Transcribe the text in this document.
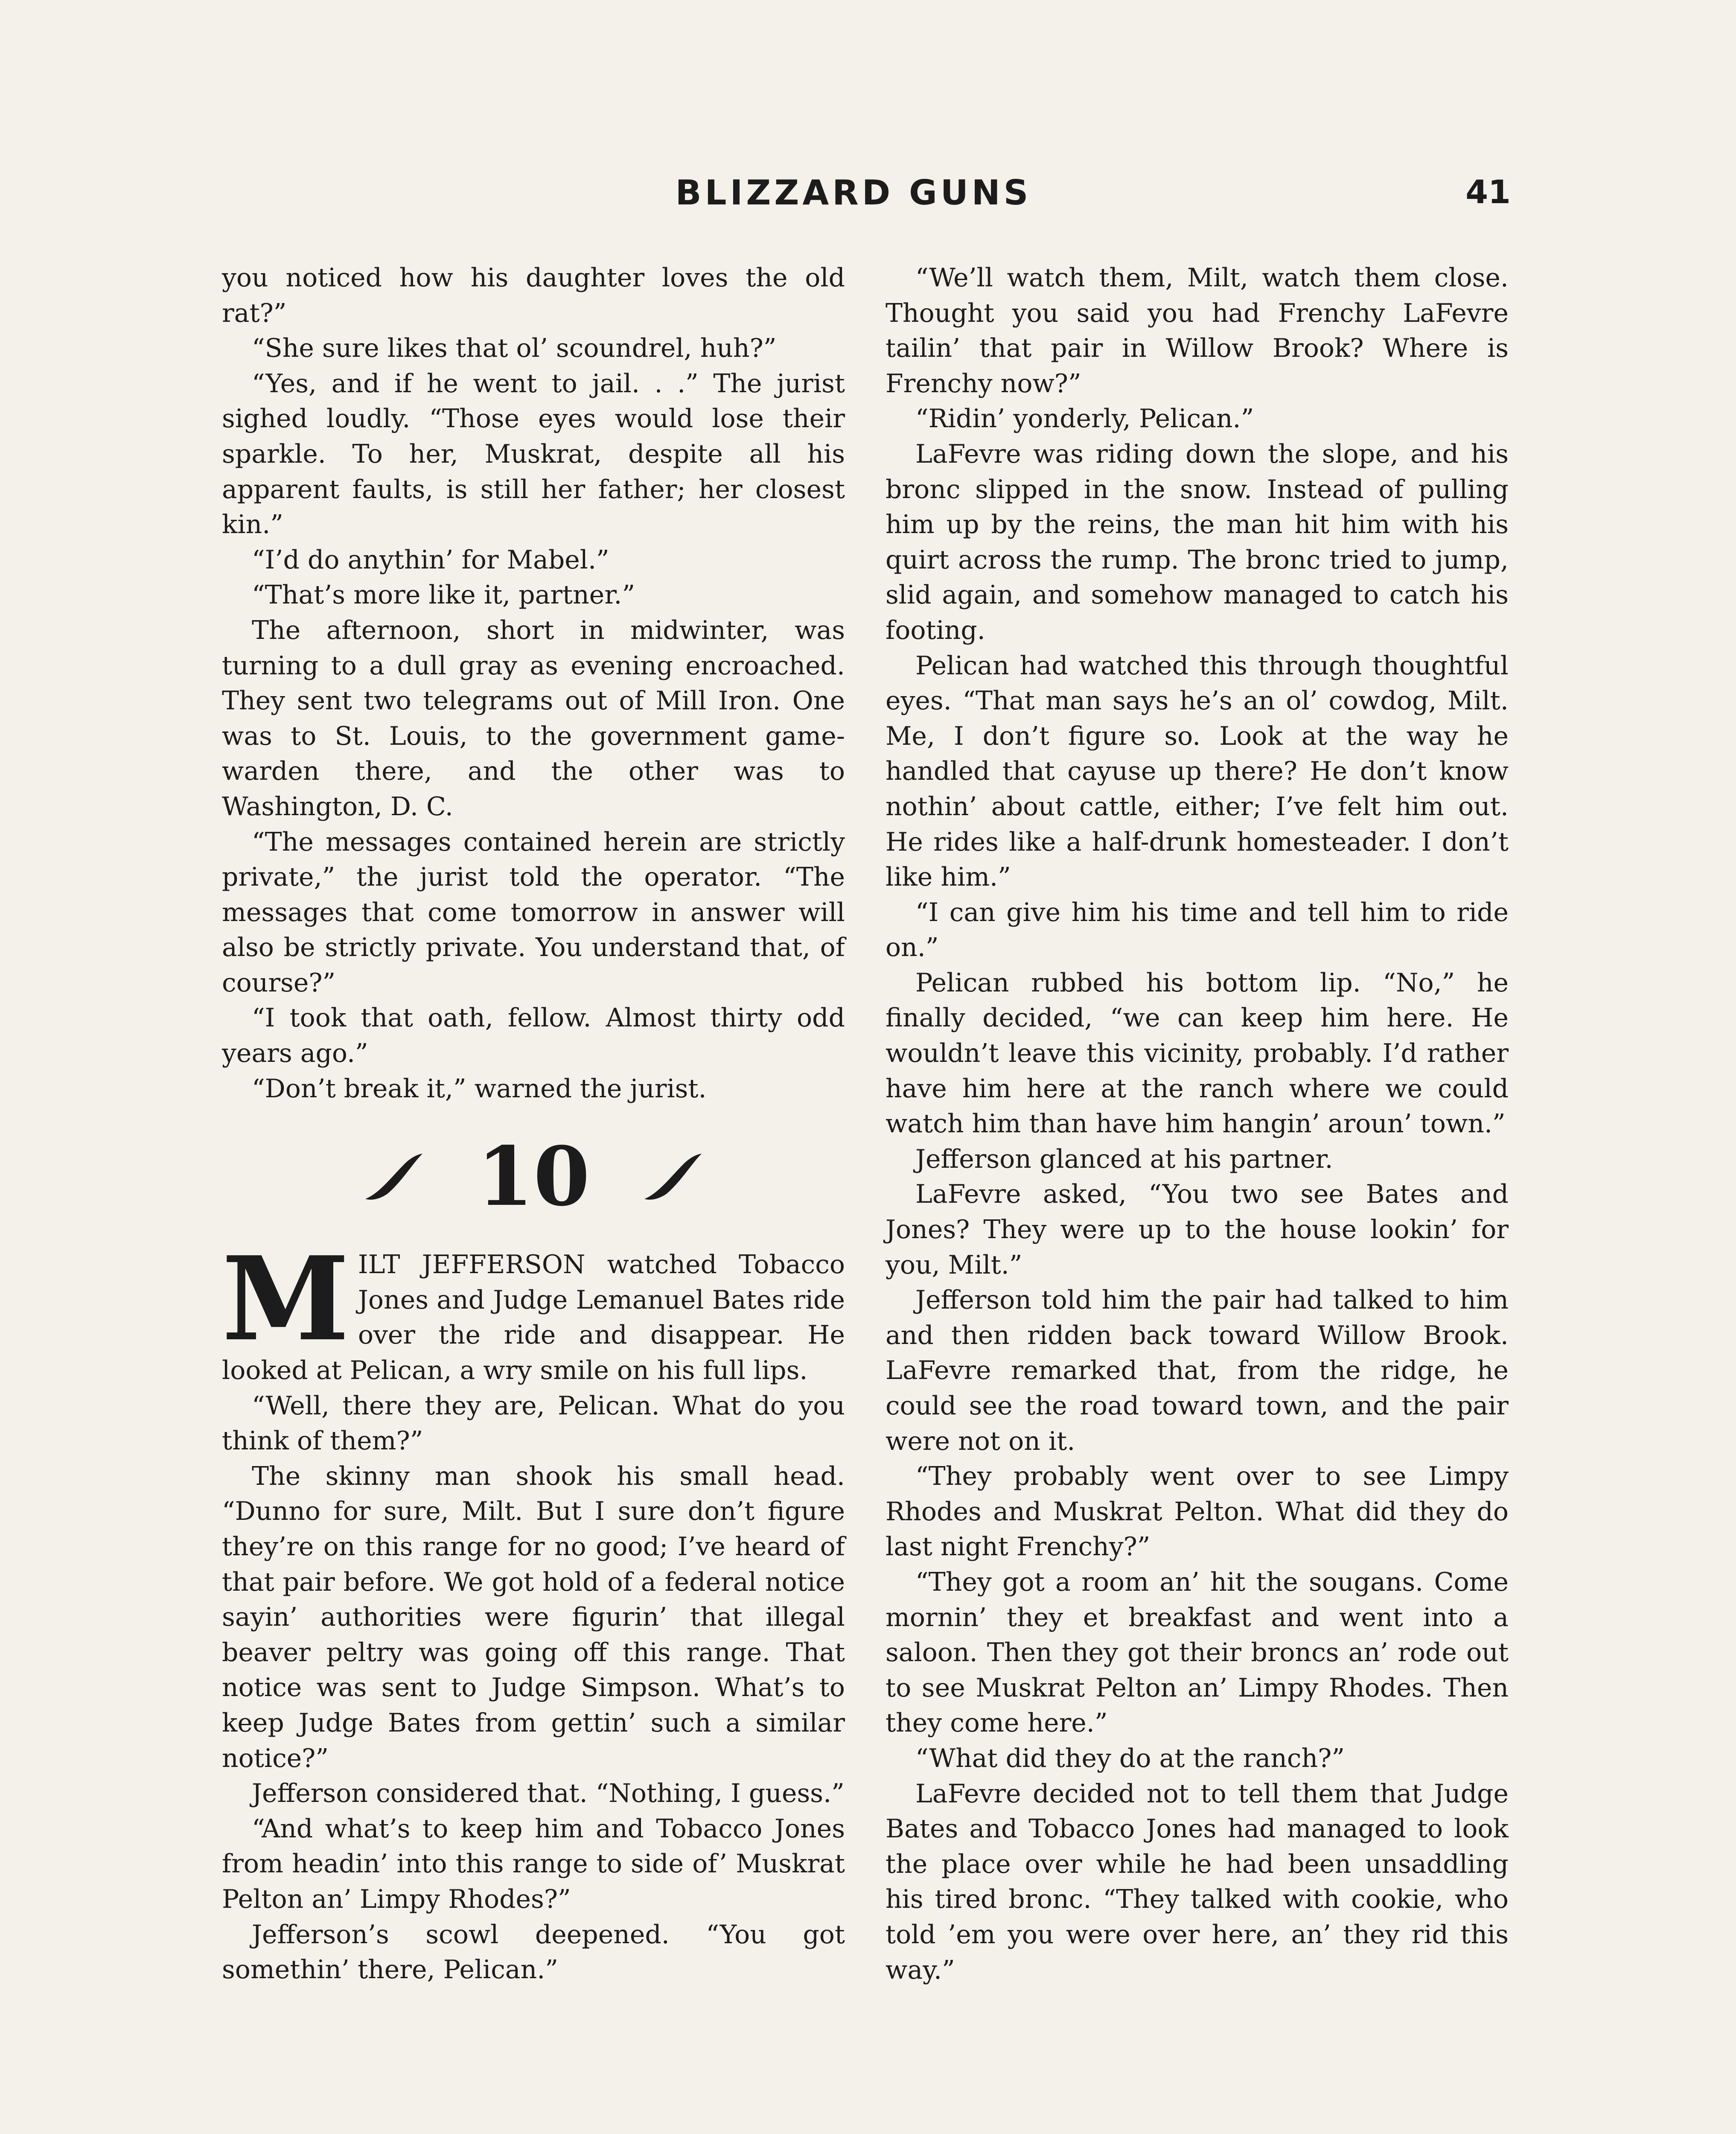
BLIZZARD GUNS	41

you noticed how his daughter loves the old rat?”

“She sure likes that ol’ scoundrel, huh?”

“Yes, and if he went to jail. . .” The jurist sighed loudly. “Those eyes would lose their sparkle. To her, Muskrat, despite all his apparent faults, is still her father; her closest kin.”

“I’d do anythin’ for Mabel.”

“That’s more like it, partner.”

The afternoon, short in midwinter, was turning to a dull gray as evening encroached. They sent two telegrams out of Mill Iron. One was to St. Louis, to the government game-warden there, and the other was to Washington, D. C.

“The messages contained herein are strictly private,” the jurist told the operator. “The messages that come tomorrow in answer will also be strictly private. You understand that, of course?”

“I took that oath, fellow. Almost thirty odd years ago.”

“Don’t break it,” warned the jurist.

10

MILT JEFFERSON watched Tobacco Jones and Judge Lemanuel Bates ride over the ride and disappear. He looked at Pelican, a wry smile on his full lips.

“Well, there they are, Pelican. What do you think of them?”

The skinny man shook his small head. “Dunno for sure, Milt. But I sure don’t figure they’re on this range for no good; I’ve heard of that pair before. We got hold of a federal notice sayin’ authorities were figurin’ that illegal beaver peltry was going off this range. That notice was sent to Judge Simpson. What’s to keep Judge Bates from gettin’ such a similar notice?”

Jefferson considered that. “Nothing, I guess.”

“And what’s to keep him and Tobacco Jones from headin’ into this range to side of’ Muskrat Pelton an’ Limpy Rhodes?”

Jefferson’s scowl deepened. “You got somethin’ there, Pelican.”

“We’ll watch them, Milt, watch them close. Thought you said you had Frenchy LaFevre tailin’ that pair in Willow Brook? Where is Frenchy now?”

“Ridin’ yonderly, Pelican.”

LaFevre was riding down the slope, and his bronc slipped in the snow. Instead of pulling him up by the reins, the man hit him with his quirt across the rump. The bronc tried to jump, slid again, and somehow managed to catch his footing.

Pelican had watched this through thoughtful eyes. “That man says he’s an ol’ cowdog, Milt. Me, I don’t figure so. Look at the way he handled that cayuse up there? He don’t know nothin’ about cattle, either; I’ve felt him out. He rides like a half-drunk homesteader. I don’t like him.”

“I can give him his time and tell him to ride on.”

Pelican rubbed his bottom lip. “No,” he finally decided, “we can keep him here. He wouldn’t leave this vicinity, probably. I’d rather have him here at the ranch where we could watch him than have him hangin’ aroun’ town.”

Jefferson glanced at his partner.

LaFevre asked, “You two see Bates and Jones? They were up to the house lookin’ for you, Milt.”

Jefferson told him the pair had talked to him and then ridden back toward Willow Brook. LaFevre remarked that, from the ridge, he could see the road toward town, and the pair were not on it.

“They probably went over to see Limpy Rhodes and Muskrat Pelton. What did they do last night Frenchy?”

“They got a room an’ hit the sougans. Come mornin’ they et breakfast and went into a saloon. Then they got their broncs an’ rode out to see Muskrat Pelton an’ Limpy Rhodes. Then they come here.”

“What did they do at the ranch?”

LaFevre decided not to tell them that Judge Bates and Tobacco Jones had managed to look the place over while he had been unsaddling his tired bronc. “They talked with cookie, who told ’em you were over here, an’ they rid this way.”
